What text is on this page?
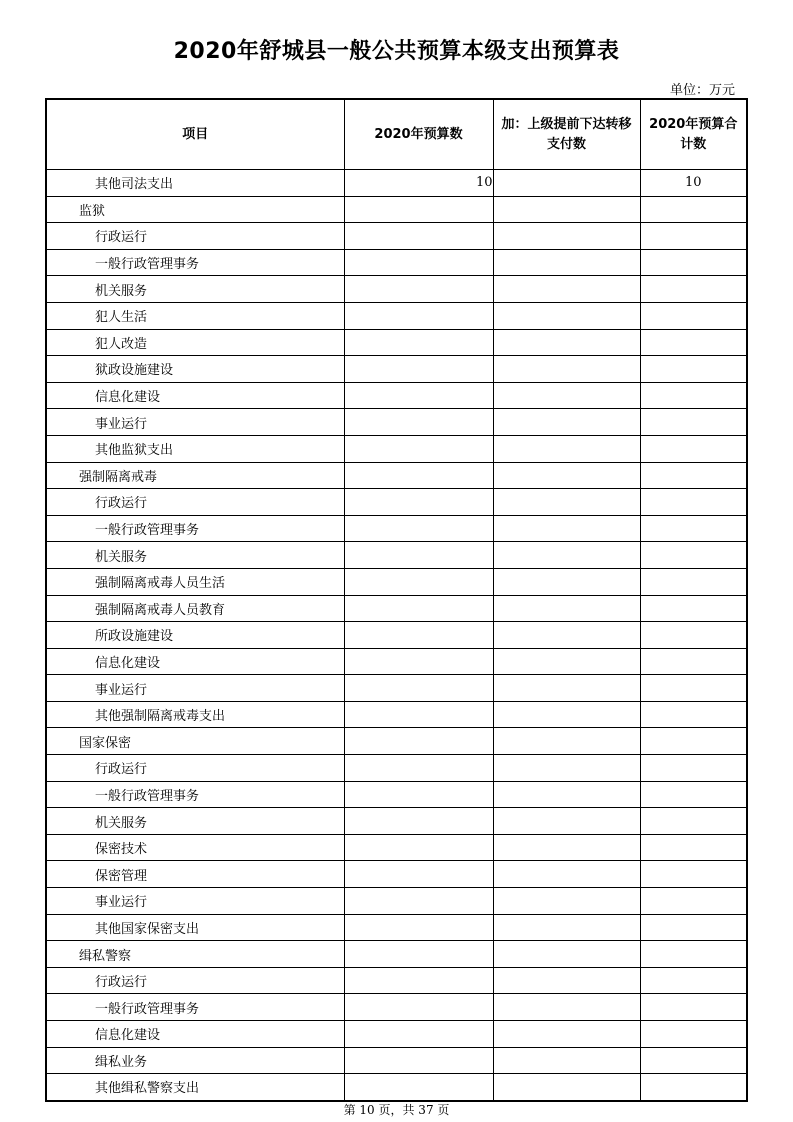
2020年舒城县一般公共预算本级支出预算表
单位：万元
项目	2020年预算数	加：上级提前下达转移支付数	2020年预算合计数
其他司法支出	10		10
监狱			
行政运行			
一般行政管理事务			
机关服务			
犯人生活			
犯人改造			
狱政设施建设			
信息化建设			
事业运行			
其他监狱支出			
强制隔离戒毒			
行政运行			
一般行政管理事务			
机关服务			
强制隔离戒毒人员生活			
强制隔离戒毒人员教育			
所政设施建设			
信息化建设			
事业运行			
其他强制隔离戒毒支出			
国家保密			
行政运行			
一般行政管理事务			
机关服务			
保密技术			
保密管理			
事业运行			
其他国家保密支出			
缉私警察			
行政运行			
一般行政管理事务			
信息化建设			
缉私业务			
其他缉私警察支出			
第 10 页，共 37 页
